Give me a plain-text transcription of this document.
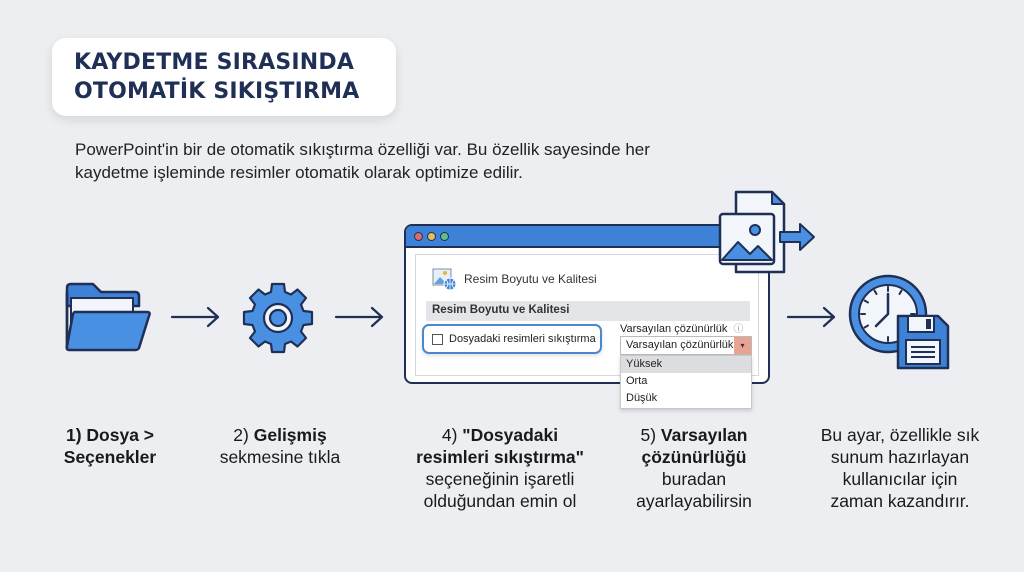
KAYDETME SIRASINDA
OTOMATİK SIKIŞTIRMA
PowerPoint'in bir de otomatik sıkıştırma özelliği var. Bu özellik sayesinde her
kaydetme işleminde resimler otomatik olarak optimize edilir.
Resim Boyutu ve Kalitesi
Resim Boyutu ve Kalitesi
Dosyadaki resimleri sıkıştırma
Varsayılan çözünürlük ⓘ
Varsayılan çözünürlük ▾
Yüksek
Orta
Düşük
1) Dosya >
Seçenekler
2) Gelişmiş
sekmesine tıkla
4) "Dosyadaki
resimleri sıkıştırma"
seçeneğinin işaretli
olduğundan emin ol
5) Varsayılan
çözünürlüğü
buradan
ayarlayabilirsin
Bu ayar, özellikle sık
sunum hazırlayan
kullanıcılar için
zaman kazandırır.
